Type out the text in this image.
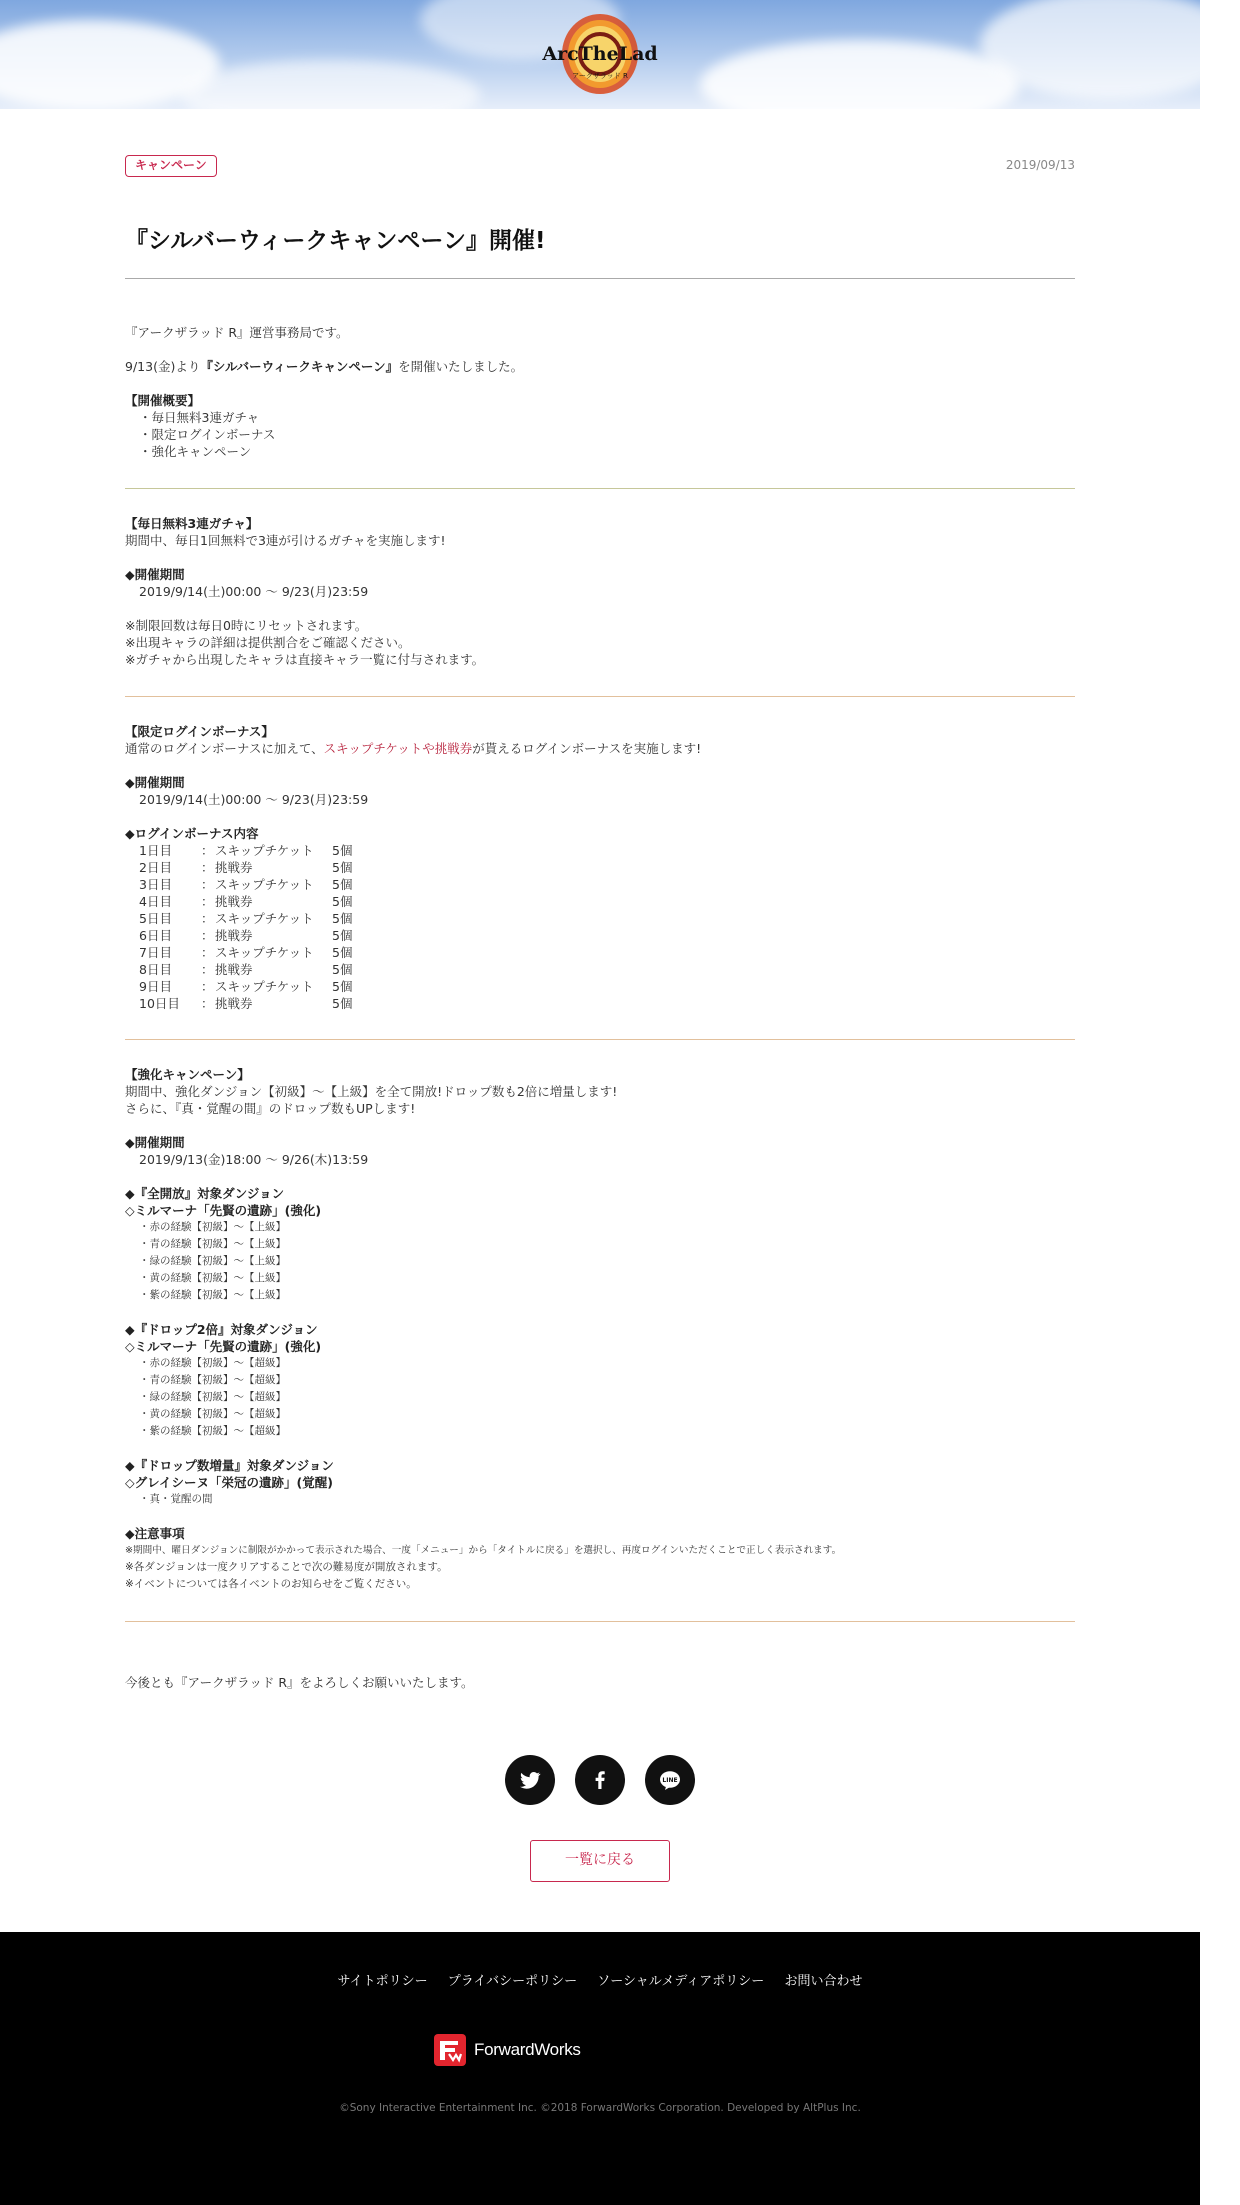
ArcTheLad
アークザラッド R
キャンペーン	2019/09/13
『シルバーウィークキャンペーン』開催!
『アークザラッド R』運営事務局です。
9/13(金)より『シルバーウィークキャンペーン』を開催いたしました。
【開催概要】
・毎日無料3連ガチャ
・限定ログインボーナス
・強化キャンペーン
【毎日無料3連ガチャ】
期間中、毎日1回無料で3連が引けるガチャを実施します!
◆開催期間
2019/9/14(土)00:00 〜 9/23(月)23:59
※制限回数は毎日0時にリセットされます。
※出現キャラの詳細は提供割合をご確認ください。
※ガチャから出現したキャラは直接キャラ一覧に付与されます。
【限定ログインボーナス】
通常のログインボーナスに加えて、スキップチケットや挑戦券が貰えるログインボーナスを実施します!
◆開催期間
2019/9/14(土)00:00 〜 9/23(月)23:59
◆ログインボーナス内容
1日目 ：スキップチケット 5個
2日目 ：挑戦券	5個
3日目 ：スキップチケット 5個
4日目 ：挑戦券	5個
5日目 ：スキップチケット 5個
6日目 ：挑戦券	5個
7日目 ：スキップチケット 5個
8日目 ：挑戦券	5個
9日目 ：スキップチケット 5個
10日目 ：挑戦券	5個
【強化キャンペーン】
期間中、強化ダンジョン【初級】〜【上級】を全て開放!ドロップ数も2倍に増量します!
さらに、『真・覚醒の間』のドロップ数もUPします!
◆開催期間
2019/9/13(金)18:00 〜 9/26(木)13:59
◆『全開放』対象ダンジョン
◇ミルマーナ「先賢の遺跡」(強化)
・赤の経験【初級】〜【上級】
・青の経験【初級】〜【上級】
・緑の経験【初級】〜【上級】
・黄の経験【初級】〜【上級】
・紫の経験【初級】〜【上級】
◆『ドロップ2倍』対象ダンジョン
◇ミルマーナ「先賢の遺跡」(強化)
・赤の経験【初級】〜【超級】
・青の経験【初級】〜【超級】
・緑の経験【初級】〜【超級】
・黄の経験【初級】〜【超級】
・紫の経験【初級】〜【超級】
◆『ドロップ数増量』対象ダンジョン
◇グレイシーヌ「栄冠の遺跡」(覚醒)
・真・覚醒の間
◆注意事項
※期間中、曜日ダンジョンに制限がかかって表示された場合、一度「メニュー」から「タイトルに戻る」を選択し、再度ログインいただくことで正しく表示されます。
※各ダンジョンは一度クリアすることで次の難易度が開放されます。
※イベントについては各イベントのお知らせをご覧ください。
今後とも『アークザラッド R』をよろしくお願いいたします。
LINE
一覧に戻る
サイトポリシー プライバシーポリシー ソーシャルメディアポリシー お問い合わせ
ForwardWorks
©Sony Interactive Entertainment Inc. ©2018 ForwardWorks Corporation. Developed by AltPlus Inc.
